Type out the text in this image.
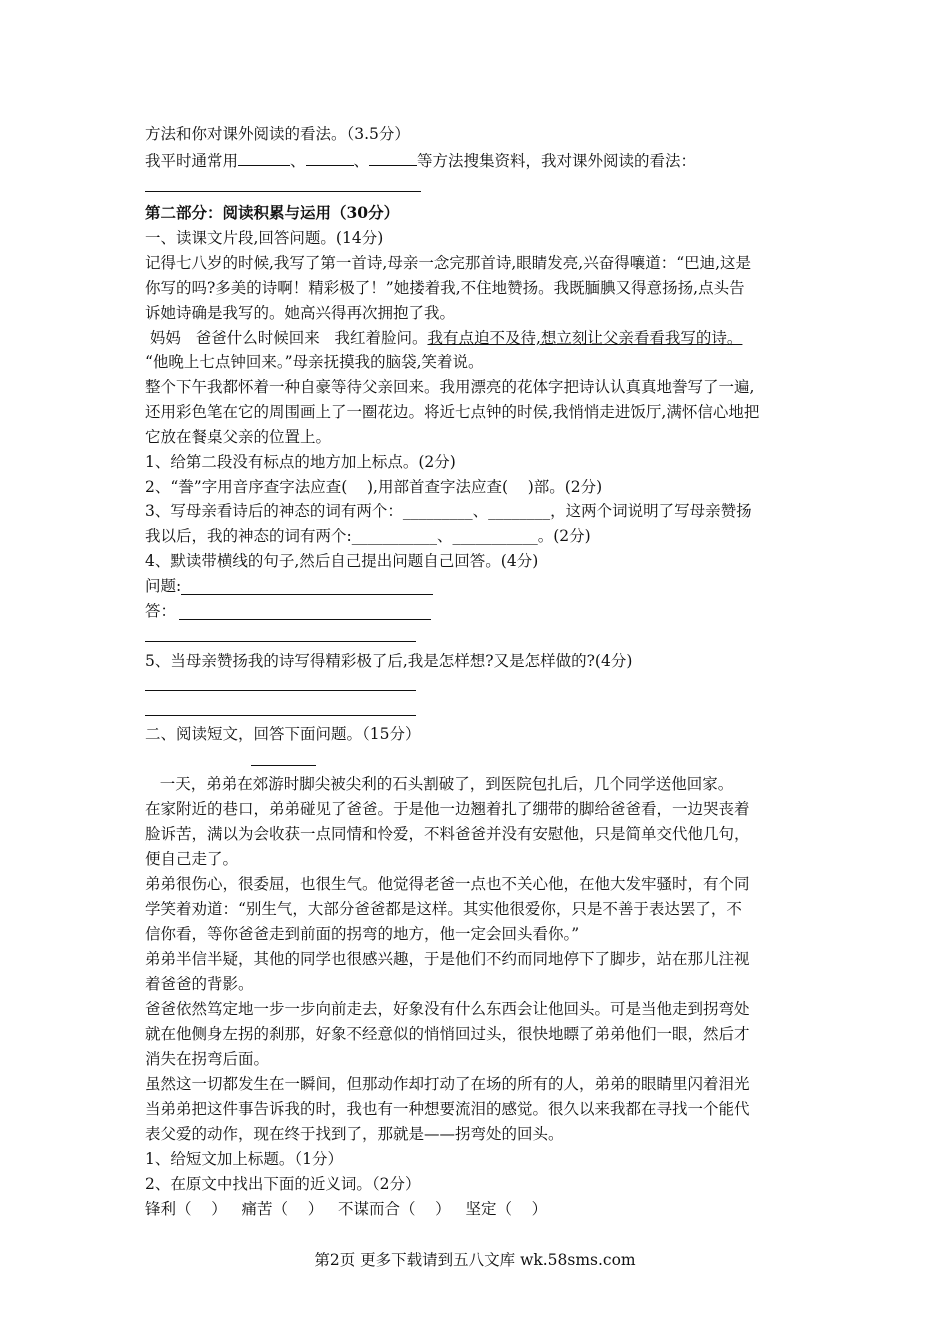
方法和你对课外阅读的看法。（3.5分）
我平时通常用	、	、	等方法搜集资料，我对课外阅读的看法：
第二部分：阅读积累与运用（30分）
一、读课文片段,回答问题。(14分)
记得七八岁的时候,我写了第一首诗,母亲一念完那首诗,眼睛发亮,兴奋得嚷道：“巴迪,这是
你写的吗?多美的诗啊！精彩极了！”她搂着我,不住地赞扬。我既腼腆又得意扬扬,点头告
诉她诗确是我写的。她高兴得再次拥抱了我。
妈妈   爸爸什么时候回来   我红着脸问。我有点迫不及待,想立刻让父亲看看我写的诗。
“他晚上七点钟回来。”母亲抚摸我的脑袋,笑着说。
整个下午我都怀着一种自豪等待父亲回来。我用漂亮的花体字把诗认认真真地誊写了一遍,
还用彩色笔在它的周围画上了一圈花边。将近七点钟的时侯,我悄悄走进饭厅,满怀信心地把
它放在餐桌父亲的位置上。
1、给第二段没有标点的地方加上标点。(2分)
2、“誊”字用音序查字法应查(    ),用部首查字法应查(    )部。(2分)
3、写母亲看诗后的神态的词有两个：_________、________，这两个词说明了写母亲赞扬
我以后，我的神态的词有两个:___________、___________。(2分)
4、默读带横线的句子,然后自己提出问题自己回答。(4分)
问题:
答：
5、当母亲赞扬我的诗写得精彩极了后,我是怎样想?又是怎样做的?(4分)
二、阅读短文，回答下面问题。（15分）
一天，弟弟在郊游时脚尖被尖利的石头割破了，到医院包扎后，几个同学送他回家。
在家附近的巷口，弟弟碰见了爸爸。于是他一边翘着扎了绷带的脚给爸爸看，一边哭丧着
脸诉苦，满以为会收获一点同情和怜爱，不料爸爸并没有安慰他，只是简单交代他几句，
便自己走了。
弟弟很伤心，很委屈，也很生气。他觉得老爸一点也不关心他，在他大发牢骚时，有个同
学笑着劝道：“别生气，大部分爸爸都是这样。其实他很爱你，只是不善于表达罢了，不
信你看，等你爸爸走到前面的拐弯的地方，他一定会回头看你。”
弟弟半信半疑，其他的同学也很感兴趣，于是他们不约而同地停下了脚步，站在那儿注视
着爸爸的背影。
爸爸依然笃定地一步一步向前走去，好象没有什么东西会让他回头。可是当他走到拐弯处
就在他侧身左拐的刹那，好象不经意似的悄悄回过头，很快地瞟了弟弟他们一眼，然后才
消失在拐弯后面。
虽然这一切都发生在一瞬间，但那动作却打动了在场的所有的人，弟弟的眼睛里闪着泪光
当弟弟把这件事告诉我的时，我也有一种想要流泪的感觉。很久以来我都在寻找一个能代
表父爱的动作，现在终于找到了，那就是——拐弯处的回头。
1、给短文加上标题。（1分）
2、在原文中找出下面的近义词。（2分）
锋利（    ）   痛苦（    ）   不谋而合（    ）   坚定（    ）
第2页 更多下载请到五八文库 wk.58sms.com
